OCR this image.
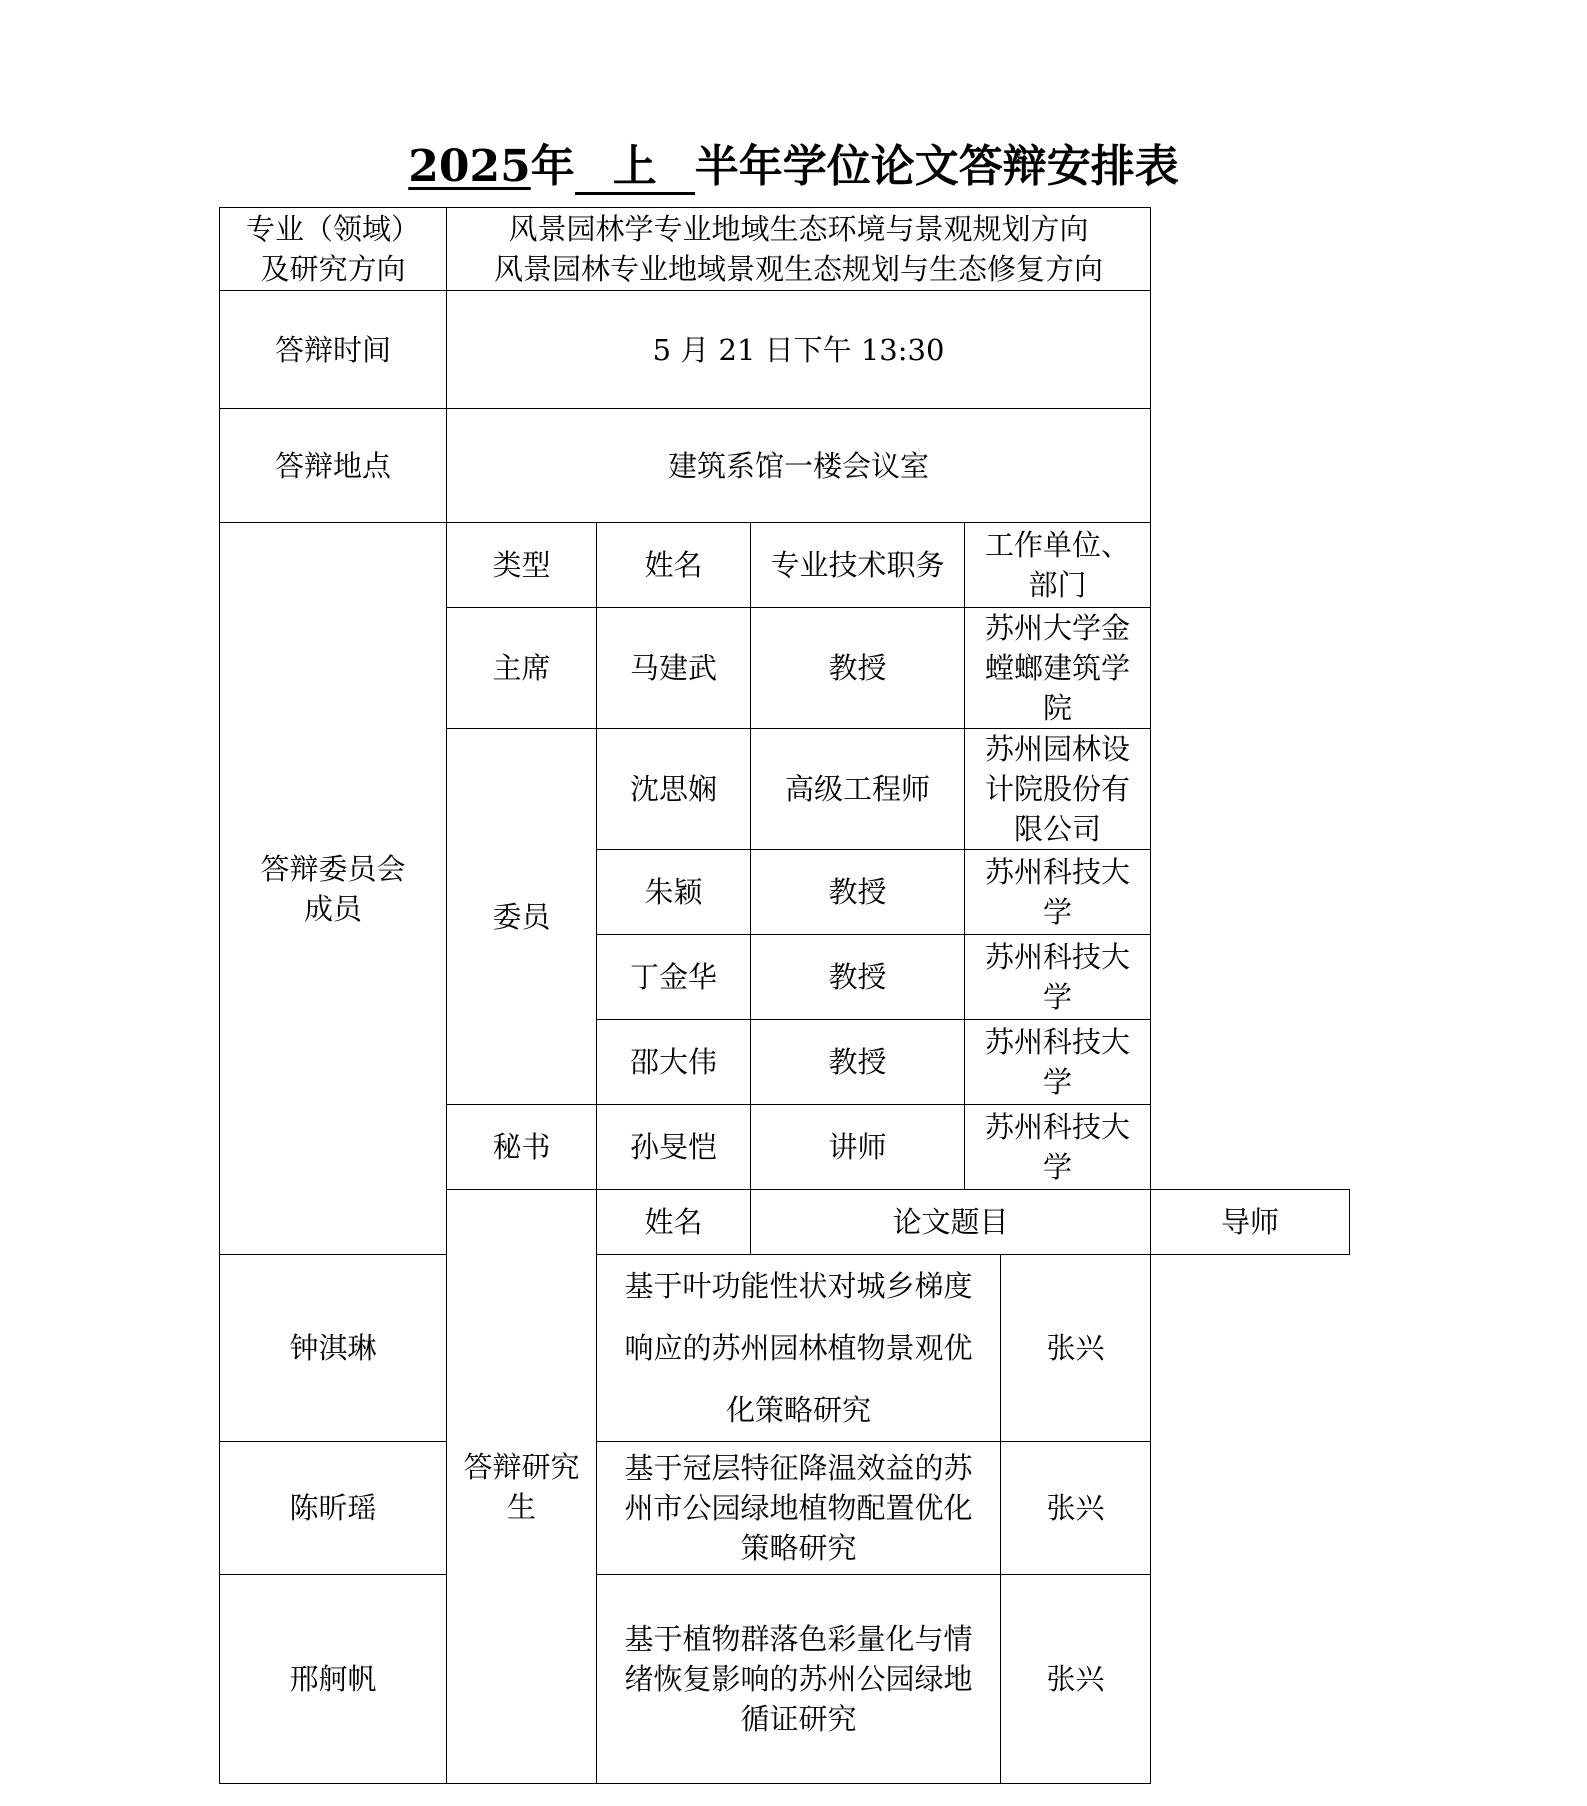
2025年 上 半年学位论文答辩安排表
专业（领域）
及研究方向	风景园林学专业地域生态环境与景观规划方向
风景园林专业地域景观生态规划与生态修复方向					

答辩时间	5 月 21 日下午 13:30					
答辩地点	建筑系馆一楼会议室					

答辩委员会
成员	类型	姓名	专业技术职务	工作单位、部门		
	主席	马建武	教授	苏州大学金螳螂建筑学院		

	委员	沈思娴	高级工程师	苏州园林设计院股份有限公司		

		朱颖	教授	苏州科技大学		
		丁金华	教授	苏州科技大学		
		邵大伟	教授	苏州科技大学		
	秘书	孙旻恺	讲师	苏州科技大学		
	答辩研究生	姓名	论文题目			导师
钟淇琳		基于叶功能性状对城乡梯度响应的苏州园林植物景观优化策略研究			张兴	
陈昕瑶		基于冠层特征降温效益的苏州市公园绿地植物配置优化策略研究			张兴	
邢舸帆		基于植物群落色彩量化与情绪恢复影响的苏州公园绿地循证研究			张兴	
